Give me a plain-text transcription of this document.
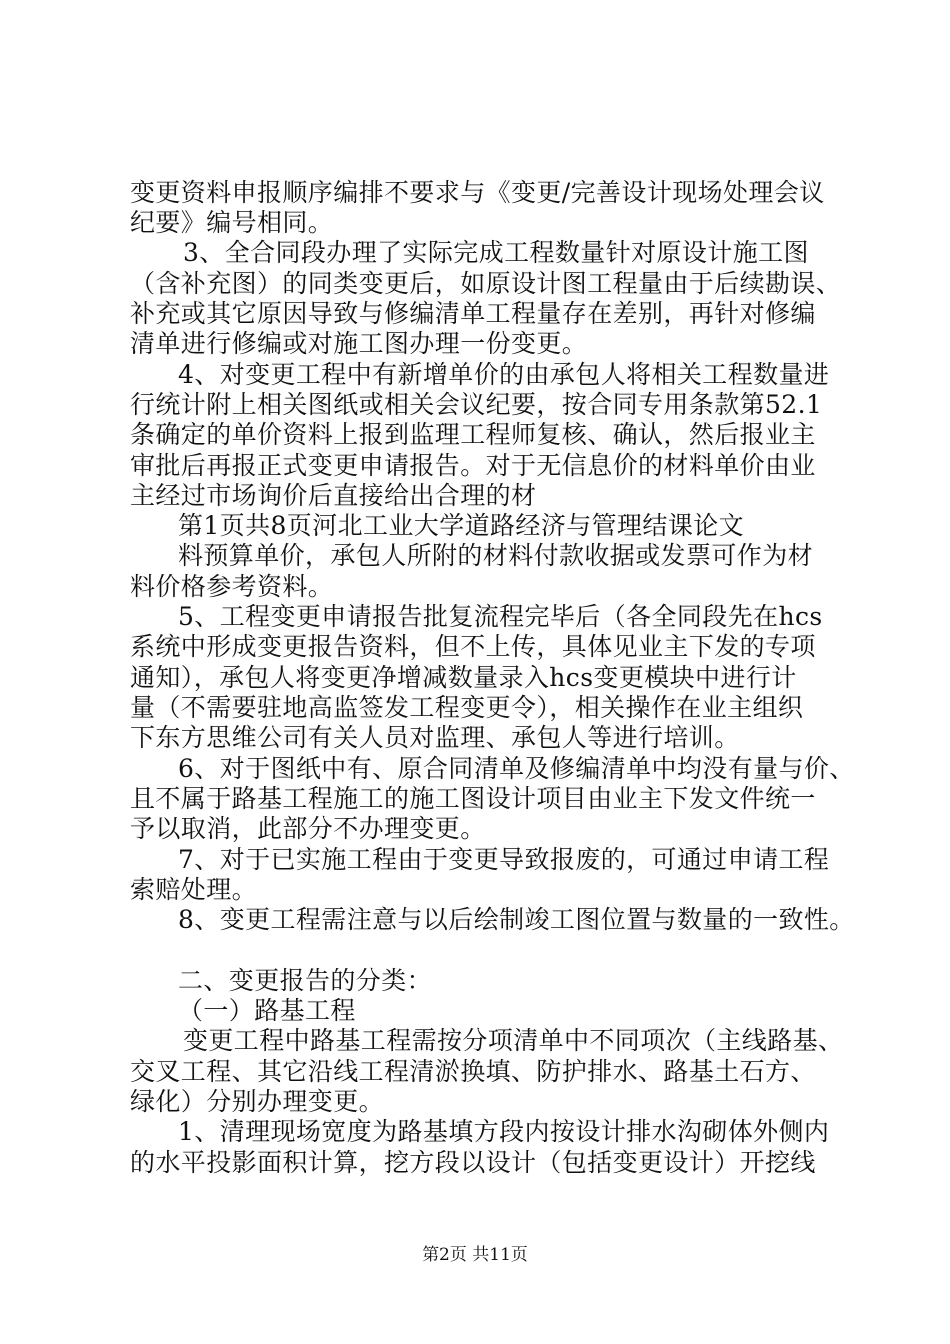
变更资料申报顺序编排不要求与《变更/完善设计现场处理会议
纪要》编号相同。
3、全合同段办理了实际完成工程数量针对原设计施工图
（含补充图）的同类变更后，如原设计图工程量由于后续勘误、
补充或其它原因导致与修编清单工程量存在差别，再针对修编
清单进行修编或对施工图办理一份变更。
4、对变更工程中有新增单价的由承包人将相关工程数量进
行统计附上相关图纸或相关会议纪要，按合同专用条款第52.1
条确定的单价资料上报到监理工程师复核、确认，然后报业主
审批后再报正式变更申请报告。对于无信息价的材料单价由业
主经过市场询价后直接给出合理的材
第1页共8页河北工业大学道路经济与管理结课论文
料预算单价，承包人所附的材料付款收据或发票可作为材
料价格参考资料。
5、工程变更申请报告批复流程完毕后（各全同段先在hcs
系统中形成变更报告资料，但不上传，具体见业主下发的专项
通知），承包人将变更净增减数量录入hcs变更模块中进行计
量（不需要驻地高监签发工程变更令），相关操作在业主组织
下东方思维公司有关人员对监理、承包人等进行培训。
6、对于图纸中有、原合同清单及修编清单中均没有量与价、
且不属于路基工程施工的施工图设计项目由业主下发文件统一
予以取消，此部分不办理变更。
7、对于已实施工程由于变更导致报废的，可通过申请工程
索赔处理。
8、变更工程需注意与以后绘制竣工图位置与数量的一致性。
二、变更报告的分类：
（一）路基工程
变更工程中路基工程需按分项清单中不同项次（主线路基、
交叉工程、其它沿线工程清淤换填、防护排水、路基土石方、
绿化）分别办理变更。
1、清理现场宽度为路基填方段内按设计排水沟砌体外侧内
的水平投影面积计算，挖方段以设计（包括变更设计）开挖线
第2页 共11页
